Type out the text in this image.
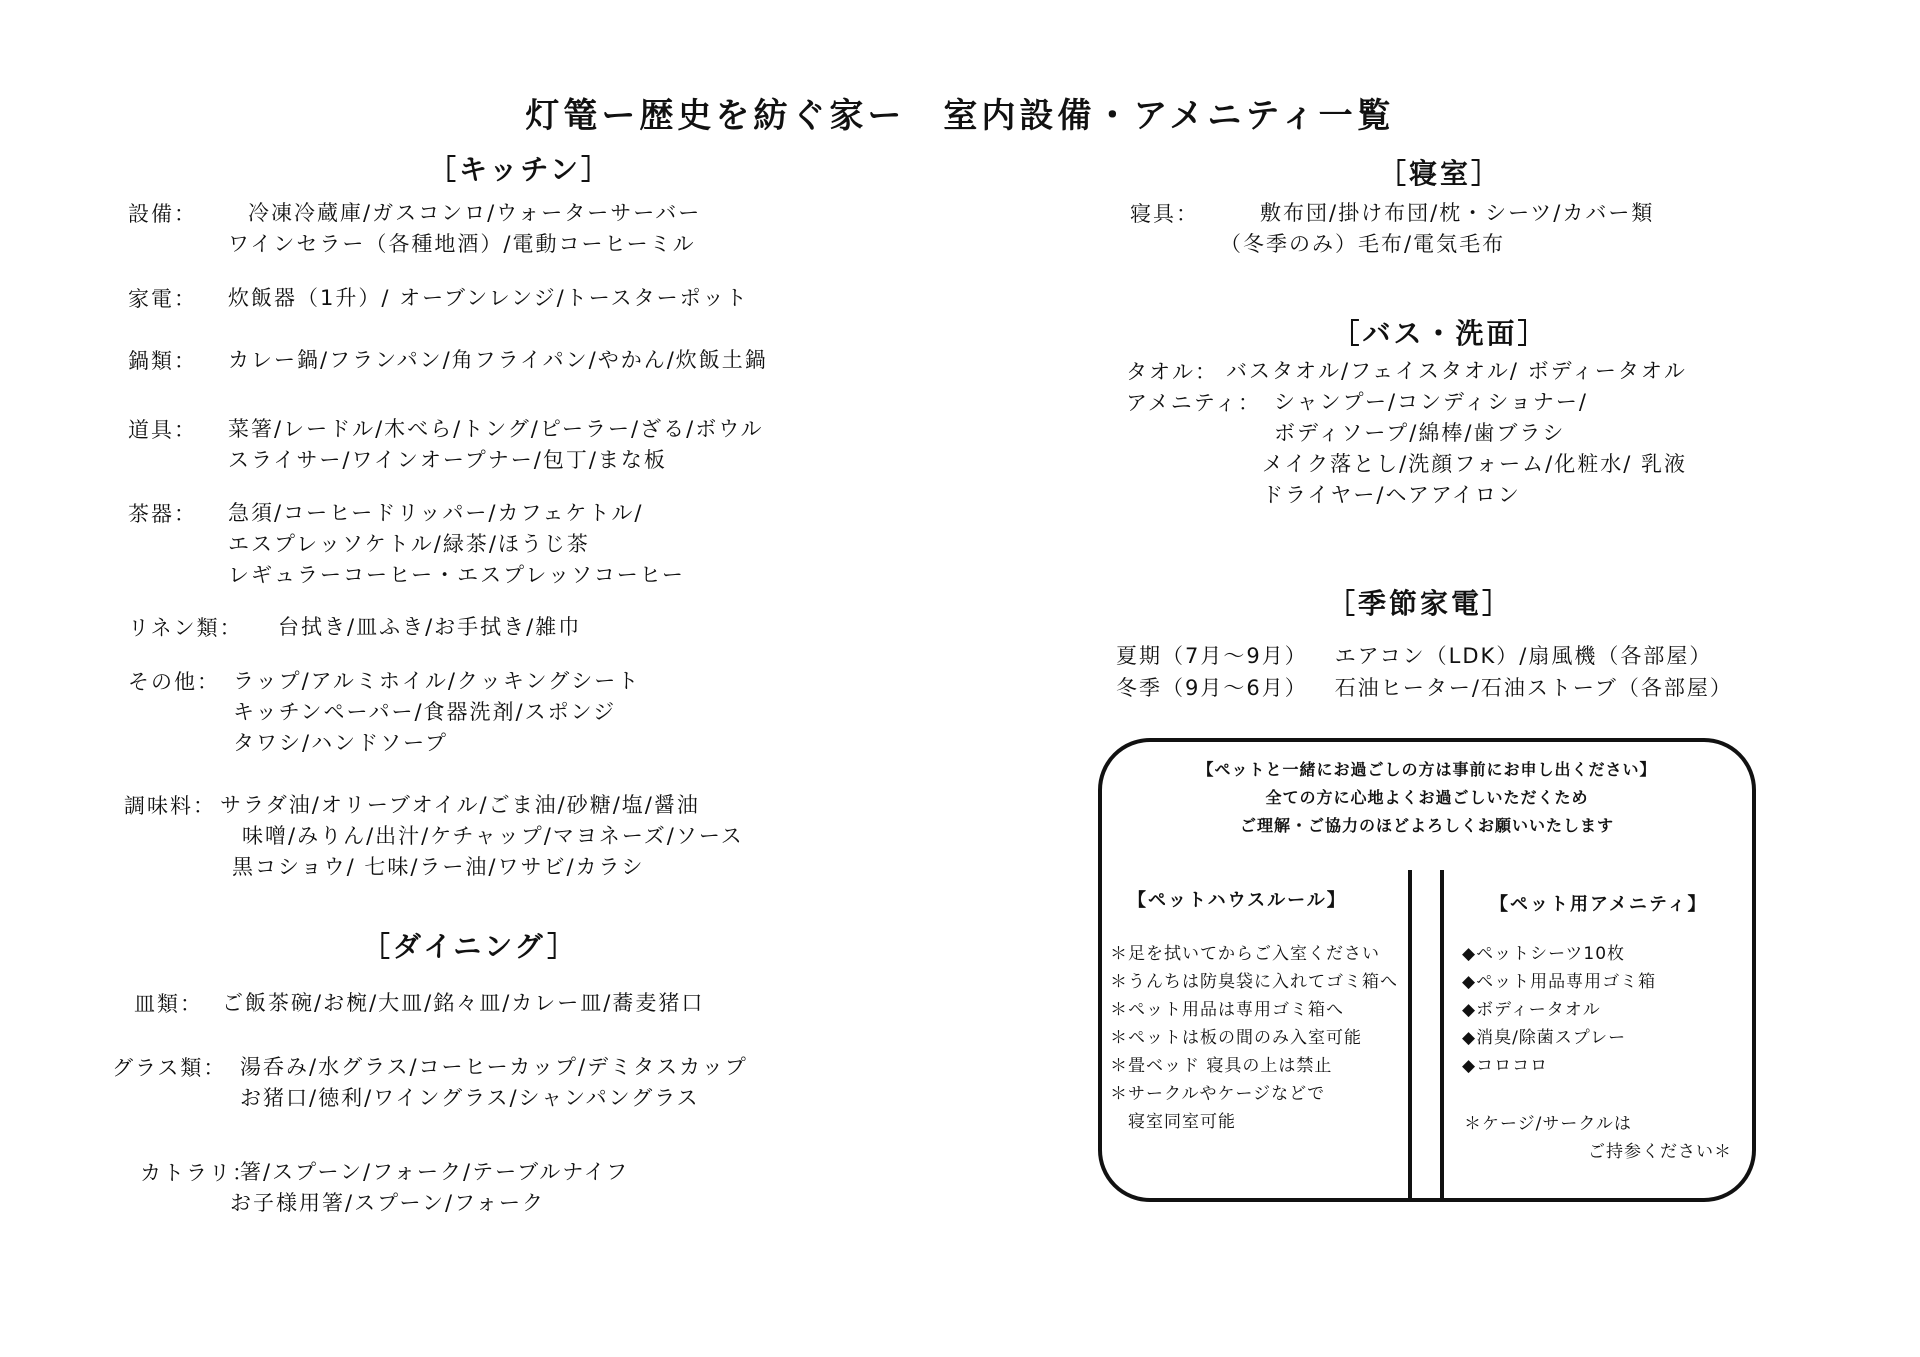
灯篭ー歴史を紡ぐ家ー　室内設備・アメニティ一覧
［キッチン］
設備：	冷凍冷蔵庫/ガスコンロ/ウォーターサーバー
ワインセラー（各種地酒）/電動コーヒーミル
家電： 炊飯器（1升）/ オーブンレンジ/トースターポット
鍋類： カレー鍋/フランパン/角フライパン/やかん/炊飯土鍋
道具： 菜箸/レードル/木べら/トング/ピーラー/ざる/ボウル
スライサー/ワインオープナー/包丁/まな板
茶器： 急須/コーヒードリッパー/カフェケトル/
エスプレッソケトル/緑茶/ほうじ茶
レギュラーコーヒー・エスプレッソコーヒー
リネン類： 台拭き/皿ふき/お手拭き/雑巾
その他： ラップ/アルミホイル/クッキングシート
キッチンペーパー/食器洗剤/スポンジ
タワシ/ハンドソープ
調味料： サラダ油/オリーブオイル/ごま油/砂糖/塩/醤油
味噌/みりん/出汁/ケチャップ/マヨネーズ/ソース
黒コショウ/ 七味/ラー油/ワサビ/カラシ
［ダイニング］
皿類： ご飯茶碗/お椀/大皿/銘々皿/カレー皿/蕎麦猪口
グラス類： 湯呑み/水グラス/コーヒーカップ/デミタスカップ
お猪口/徳利/ワイングラス/シャンパングラス
カトラリ：
箸/スプーン/フォーク/テーブルナイフ
お子様用箸/スプーン/フォーク
［寝室］
寝具：	敷布団/掛け布団/枕・シーツ/カバー類
（冬季のみ）毛布/電気毛布
［バス・洗面］
タオル： バスタオル/フェイスタオル/ ボディータオル
アメニティ： シャンプー/コンディショナー/
ボディソープ/綿棒/歯ブラシ
メイク落とし/洗顔フォーム/化粧水/ 乳液
ドライヤー/ヘアアイロン
［季節家電］
夏期（7月〜9月） エアコン（LDK）/扇風機（各部屋）
冬季（9月〜6月） 石油ヒーター/石油ストーブ（各部屋）
【ペットと一緒にお過ごしの方は事前にお申し出ください】
全ての方に心地よくお過ごしいただくため
ご理解・ご協力のほどよろしくお願いいたします
【ペットハウスルール】
＊足を拭いてからご入室ください
＊うんちは防臭袋に入れてゴミ箱へ
＊ペット用品は専用ゴミ箱へ
＊ペットは板の間のみ入室可能
＊畳ベッド 寝具の上は禁止
＊サークルやケージなどで
寝室同室可能
【ペット用アメニティ】
◆ペットシーツ10枚
◆ペット用品専用ゴミ箱
◆ボディータオル
◆消臭/除菌スプレー
◆コロコロ
＊ケージ/サークルは
ご持参ください＊
